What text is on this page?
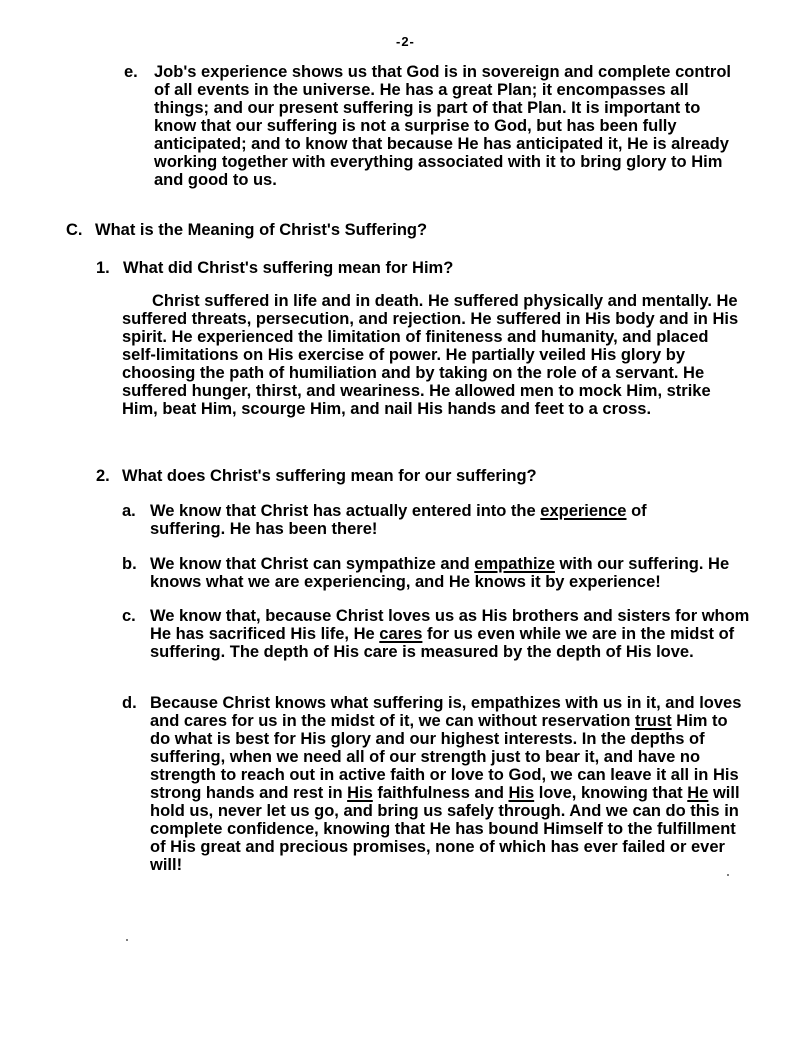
-2-
e. Job's experience shows us that God is in sovereign and complete control of all events in the universe. He has a great Plan; it encompasses all things; and our present suffering is part of that Plan. It is important to know that our suffering is not a surprise to God, but has been fully anticipated; and to know that because He has anticipated it, He is already working together with everything associated with it to bring glory to Him and good to us.
C. What is the Meaning of Christ's Suffering?
1. What did Christ's suffering mean for Him?
Christ suffered in life and in death. He suffered physically and mentally. He suffered threats, persecution, and rejection. He suffered in His body and in His spirit. He experienced the limitation of finiteness and humanity, and placed self-limitations on His exercise of power. He partially veiled His glory by choosing the path of humiliation and by taking on the role of a servant. He suffered hunger, thirst, and weariness. He allowed men to mock Him, strike Him, beat Him, scourge Him, and nail His hands and feet to a cross.
2. What does Christ's suffering mean for our suffering?
a. We know that Christ has actually entered into the experience of suffering. He has been there!
b. We know that Christ can sympathize and empathize with our suffering. He knows what we are experiencing, and He knows it by experience!
c. We know that, because Christ loves us as His brothers and sisters for whom He has sacrificed His life, He cares for us even while we are in the midst of suffering. The depth of His care is measured by the depth of His love.
d. Because Christ knows what suffering is, empathizes with us in it, and loves and cares for us in the midst of it, we can without reservation trust Him to do what is best for His glory and our highest interests. In the depths of suffering, when we need all of our strength just to bear it, and have no strength to reach out in active faith or love to God, we can leave it all in His strong hands and rest in His faithfulness and His love, knowing that He will hold us, never let us go, and bring us safely through. And we can do this in complete confidence, knowing that He has bound Himself to the fulfillment of His great and precious promises, none of which has ever failed or ever will!
